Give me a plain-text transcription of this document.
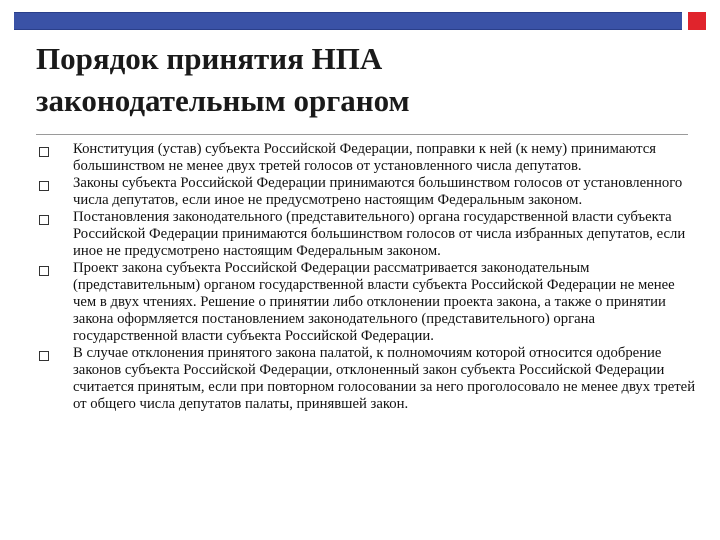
Порядок принятия НПА
законодательным органом
Конституция (устав) субъекта Российской Федерации, поправки к ней (к нему) принимаются большинством не менее двух третей голосов от установленного числа депутатов.
Законы субъекта Российской Федерации принимаются большинством голосов от установленного числа депутатов, если иное не предусмотрено настоящим Федеральным законом.
Постановления законодательного (представительного) органа государственной власти субъекта Российской Федерации принимаются большинством голосов от числа избранных депутатов, если иное не предусмотрено настоящим Федеральным законом.
Проект закона субъекта Российской Федерации рассматривается законодательным (представительным) органом государственной власти субъекта Российской Федерации не менее чем в двух чтениях. Решение о принятии либо отклонении проекта закона, а также о принятии закона оформляется постановлением законодательного (представительного) органа государственной власти субъекта Российской Федерации.
В случае отклонения принятого закона палатой, к полномочиям которой относится одобрение законов субъекта Российской Федерации, отклоненный закон субъекта Российской Федерации считается принятым, если при повторном голосовании за него проголосовало не менее двух третей от общего числа депутатов палаты, принявшей закон.
